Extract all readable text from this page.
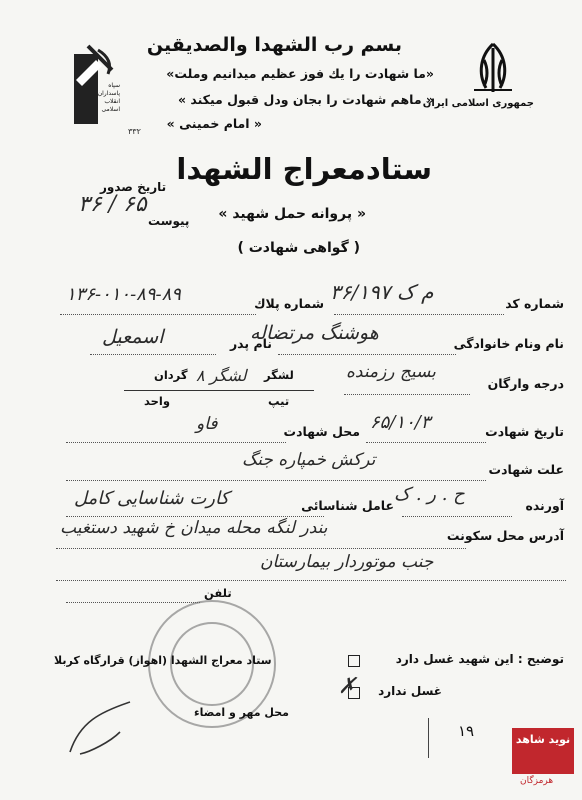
جمهوری اسلامی ایران
۳۳۲
سپاه پاسداران انقلاب اسلامی
بسم رب الشهدا والصدیقین
«ما شهادت را یك فوز عظیم میدانیم وملت»
« ماهم شهادت را بجان ودل قبول میکند »
« امام خمینی »
تاریخ صدور
پیوست
۳۶ / ۶۵
ستادمعراج الشهدا
« پروانه حمل شهید »
( گواهی شهادت )
شماره کد
۳۶/۱۹۷ م ک
شماره پلاك
۱۳۶-۰۱۰-۸۹-۸۹
نام ونام خانوادگی
هوشنگ مرتضاله
نام پدر
اسمعیل
درجه وارگان
بسیج رزمنده
لشگر
۸ لشگر
گردان
تیپ
واحد
تاریخ شهادت
۶۵/۱۰/۳
محل شهادت
فاو
علت شهادت
ترکش خمپاره جنگ
آورنده
ح . ر . ک
عامل شناسائی
کارت شناسایی کامل
آدرس محل سکونت
بندر لنگه محله میدان خ شهید دستغیب
جنب موتوردار بیمارستان
تلفن
توضیح : این شهید غسل دارد
غسل ندارد
✗
ستاد معراج الشهدا (اهواز) قرارگاه کربلا
محل مهر و امضاء
۱۹	نوید شاهد
هرمزگان
